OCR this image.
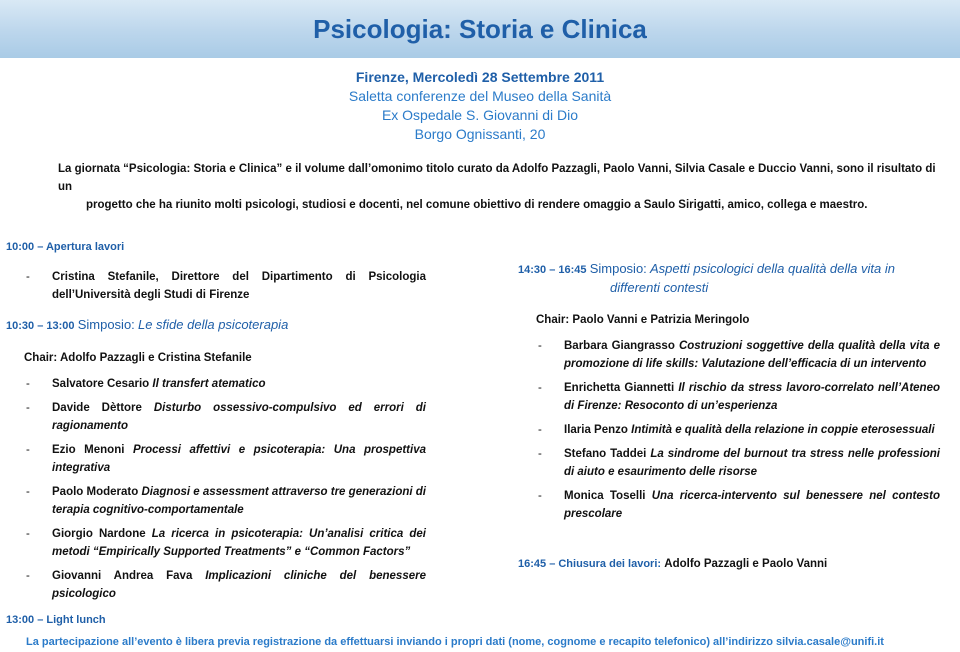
Psicologia: Storia e Clinica
Firenze, Mercoledì 28 Settembre 2011
Saletta conferenze del Museo della Sanità
Ex Ospedale S. Giovanni di Dio
Borgo Ognissanti, 20

La giornata “Psicologia: Storia e Clinica” e il volume dall’omonimo titolo curato da Adolfo Pazzagli, Paolo Vanni, Silvia Casale e Duccio Vanni, sono il risultato di un

progetto che ha riunito molti psicologi, studiosi e docenti, nel comune obiettivo di rendere omaggio a Saulo Sirigatti, amico, collega e maestro.

10:00 – Apertura lavori
-	Cristina Stefanile, Direttore del Dipartimento di Psicologia dell’Università degli Studi di Firenze
10:30 – 13:00 Simposio: Le sfide della psicoterapia
Chair: Adolfo Pazzagli e Cristina Stefanile
-	Salvatore Cesario Il transfert atematico
-	Davide Dèttore Disturbo ossessivo-compulsivo ed errori di ragionamento
-	Ezio Menoni Processi affettivi e psicoterapia: Una prospettiva integrativa
-	Paolo Moderato Diagnosi e assessment attraverso tre generazioni di terapia cognitivo-comportamentale
-	Giorgio Nardone La ricerca in psicoterapia: Un’analisi critica dei metodi “Empirically Supported Treatments” e “Common Factors”
-	Giovanni Andrea Fava Implicazioni cliniche del benessere psicologico
13:00 – Light lunch
14:30 – 16:45 Simposio: Aspetti psicologici della qualità della vita in
differenti contesti
Chair: Paolo Vanni e Patrizia Meringolo
-	Barbara Giangrasso Costruzioni soggettive della qualità della vita e promozione di life skills: Valutazione dell’efficacia di un intervento
-	Enrichetta Giannetti Il rischio da stress lavoro-correlato nell’Ateneo di Firenze: Resoconto di un’esperienza
-	Ilaria Penzo Intimità e qualità della relazione in coppie eterosessuali
-	Stefano Taddei La sindrome del burnout tra stress nelle professioni di aiuto e esaurimento delle risorse
-	Monica Toselli Una ricerca-intervento sul benessere nel contesto prescolare
16:45 – Chiusura dei lavori: Adolfo Pazzagli e Paolo Vanni
La partecipazione all’evento è libera previa registrazione da effettuarsi inviando i propri dati (nome, cognome e recapito telefonico) all’indirizzo silvia.casale@unifi.it
